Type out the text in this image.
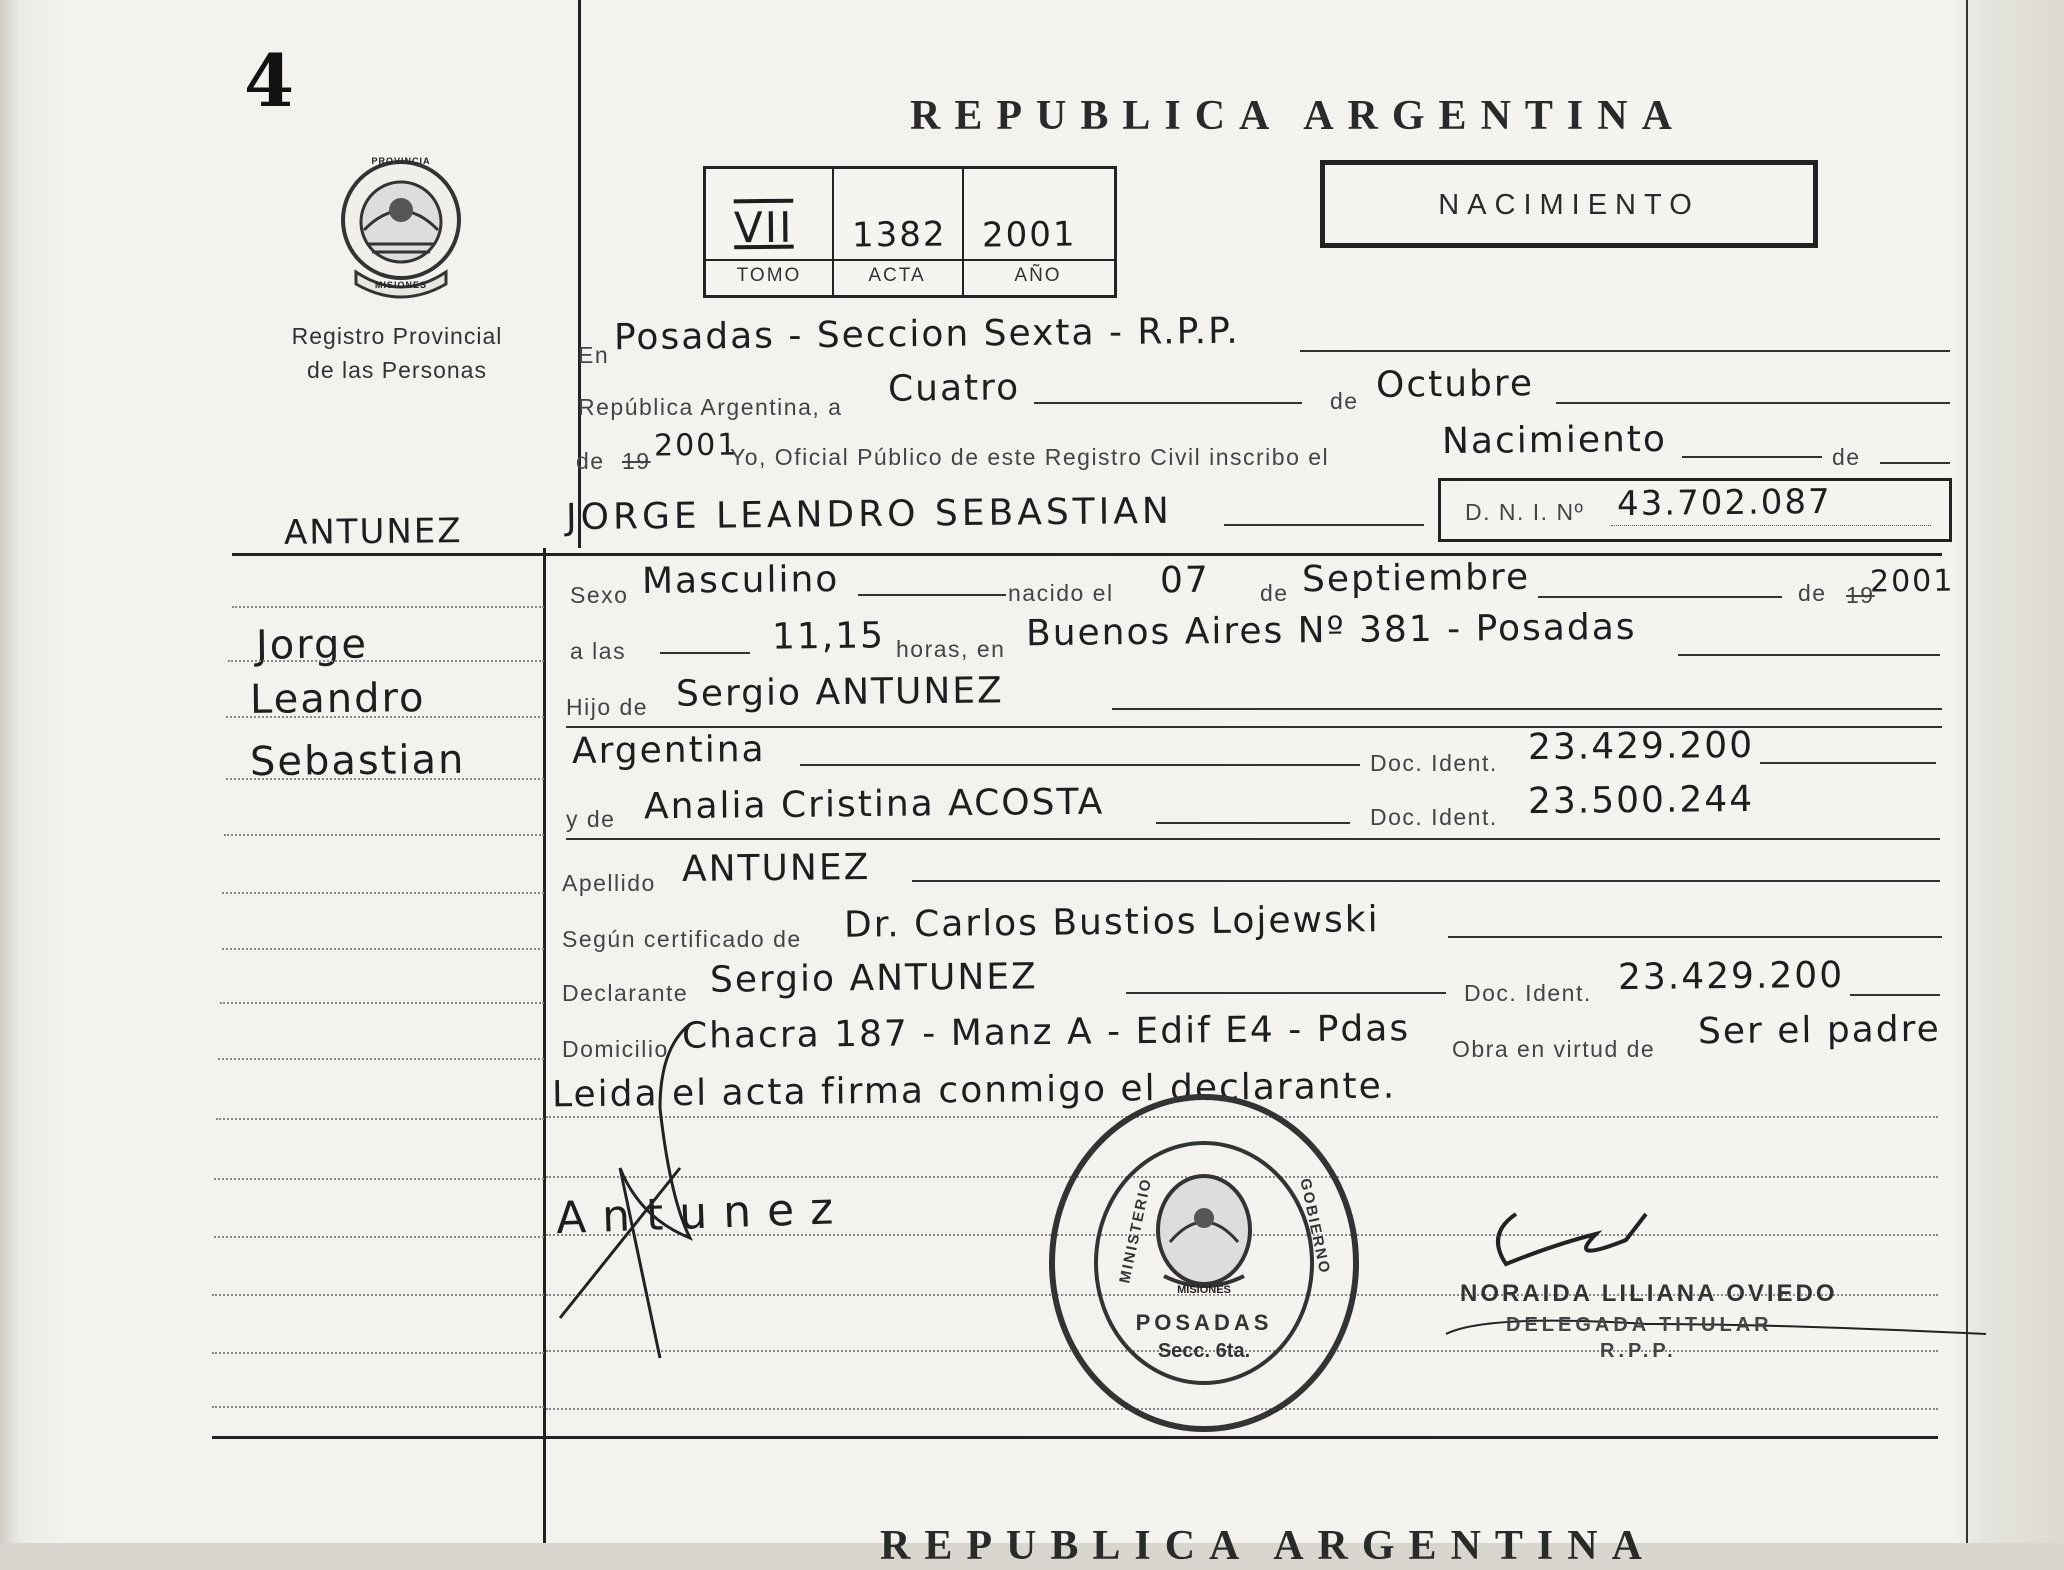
4	REPUBLICA ARGENTINA
VII 1382 2001
TOMO	ACTA	AÑO
NACIMIENTO
PROVINCIA
MISIONES
Registro Provincial
de las Personas
ANTUNEZ
Jorge
Leandro
Sebastian
En Posadas - Seccion Sexta - R.P.P.
República Argentina, a Cuatro	de Octubre
de 19 2001
Yo, Oficial Público de este Registro Civil inscribo el	Nacimiento	de
JORGE LEANDRO SEBASTIAN	D. N. I. Nº 43.702.087
Sexo Masculino	nacido el 07 de Septiembre	de 19
2001
a las	11,15 horas, en Buenos Aires Nº 381 - Posadas
Hijo de Sergio ANTUNEZ
Argentina	Doc. Ident. 23.429.200
y de Analia Cristina ACOSTA	Doc. Ident. 23.500.244
Apellido ANTUNEZ
Según certificado de Dr. Carlos Bustios Lojewski
Declarante Sergio ANTUNEZ	Doc. Ident. 23.429.200
Domicilio Chacra 187 - Manz A - Edif E4 - Pdas Obra en virtud de Ser el padre
Leida el acta firma conmigo el declarante.
Antunez	MINISTERIO	GOBIERNO
MISIONES
POSADAS
Secc. 6ta.
NORAIDA LILIANA OVIEDO
DELEGADA TITULAR
R.P.P.
REPUBLICA ARGENTINA
